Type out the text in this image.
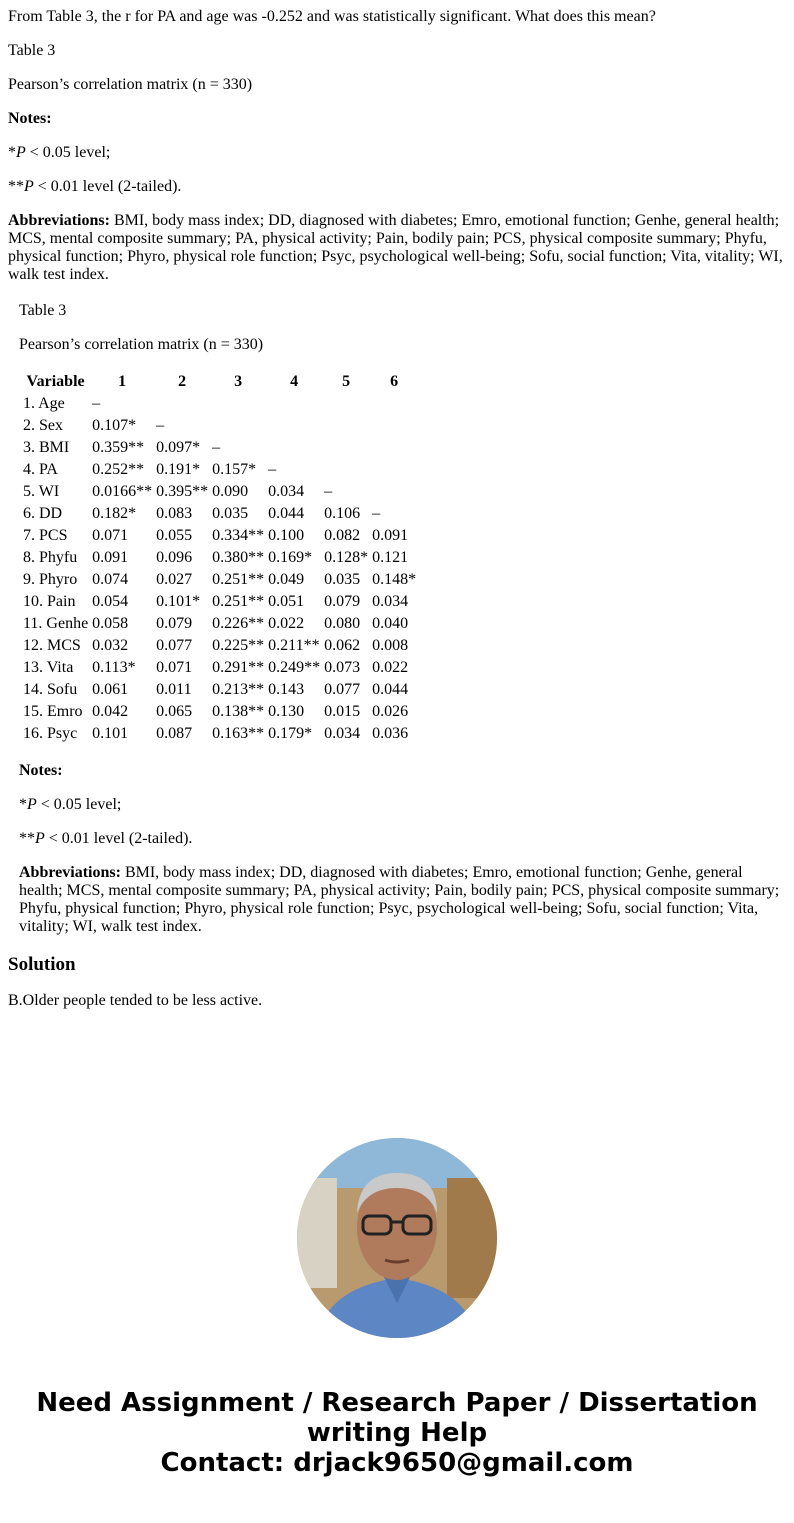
From Table 3, the r for PA and age was -0.252 and was statistically significant. What does this mean?

Table 3

Pearson’s correlation matrix (n = 330)

Notes:

*P < 0.05 level;

**P < 0.01 level (2-tailed).

Abbreviations: BMI, body mass index; DD, diagnosed with diabetes; Emro, emotional function; Genhe, general health; MCS, mental composite summary; PA, physical activity; Pain, bodily pain; PCS, physical composite summary; Phyfu, physical function; Phyro, physical role function; Psyc, psychological well-being; Sofu, social function; Vita, vitality; WI, walk test index.

Table 3

Pearson’s correlation matrix (n = 330)

Variable	1	2	3	4	5	6
1. Age	–					
2. Sex	0.107*	–				
3. BMI	0.359**	0.097*	–			
4. PA	0.252**	0.191*	0.157*	–		
5. WI	0.0166**	0.395**	0.090	0.034	–	
6. DD	0.182*	0.083	0.035	0.044	0.106	–
7. PCS	0.071	0.055	0.334**	0.100	0.082	0.091
8. Phyfu	0.091	0.096	0.380**	0.169*	0.128*	0.121
9. Phyro	0.074	0.027	0.251**	0.049	0.035	0.148*
10. Pain	0.054	0.101*	0.251**	0.051	0.079	0.034
11. Genhe	0.058	0.079	0.226**	0.022	0.080	0.040
12. MCS	0.032	0.077	0.225**	0.211**	0.062	0.008
13. Vita	0.113*	0.071	0.291**	0.249**	0.073	0.022
14. Sofu	0.061	0.011	0.213**	0.143	0.077	0.044
15. Emro	0.042	0.065	0.138**	0.130	0.015	0.026
16. Psyc	0.101	0.087	0.163**	0.179*	0.034	0.036

Notes:

*P < 0.05 level;

**P < 0.01 level (2-tailed).

Abbreviations: BMI, body mass index; DD, diagnosed with diabetes; Emro, emotional function; Genhe, general health; MCS, mental composite summary; PA, physical activity; Pain, bodily pain; PCS, physical composite summary; Phyfu, physical function; Phyro, physical role function; Psyc, psychological well-being; Sofu, social function; Vita, vitality; WI, walk test index.

Solution

B.Older people tended to be less active.

Need Assignment / Research Paper / Dissertation
writing Help
Contact: drjack9650@gmail.com
